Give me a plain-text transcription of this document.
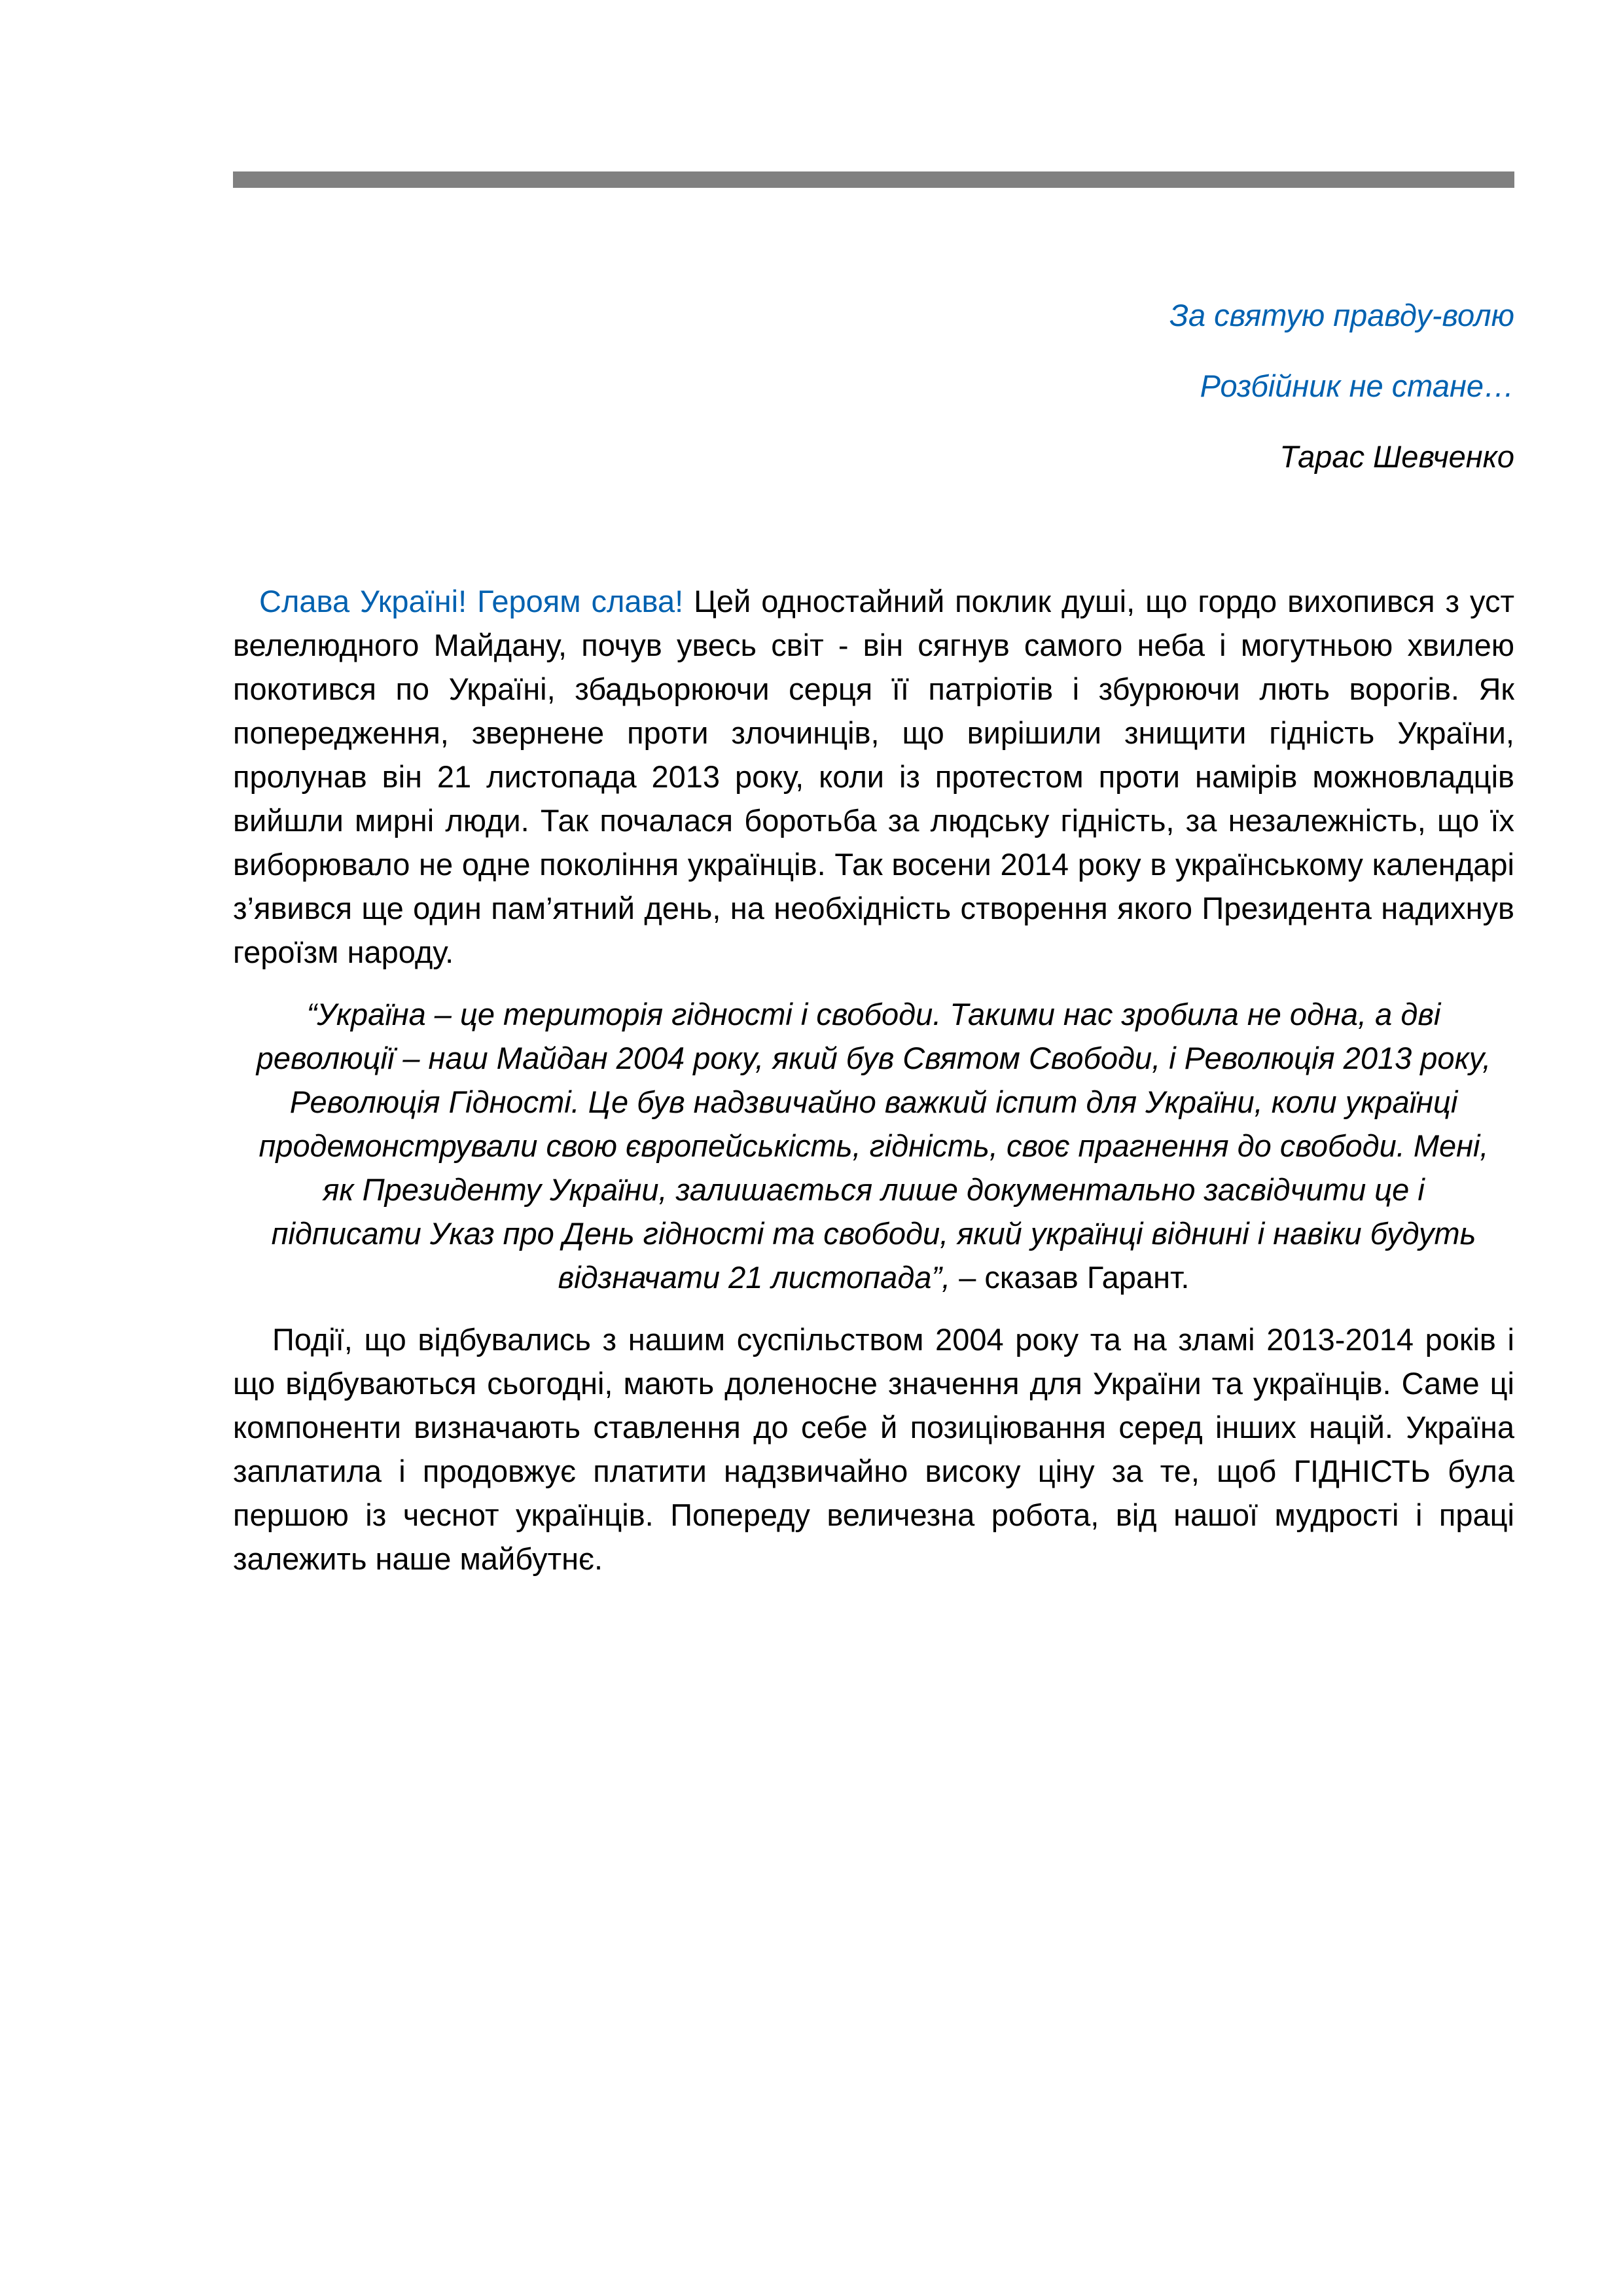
За святую правду-волю
Розбійник не стане…
Тарас Шевченко

Слава Україні! Героям слава! Цей одностайний поклик душі, що гордо вихопився з уст велелюдного Майдану, почув увесь світ - він сягнув самого неба і могутньою хвилею покотився по Україні, збадьорюючи серця її патріотів і збурюючи лють ворогів. Як попередження, звернене проти злочинців, що вирішили знищити гідність України, пролунав він 21 листопада 2013 року, коли із протестом проти намірів можновладців вийшли мирні люди. Так почалася боротьба за людську гідність, за незалежність, що їх виборювало не одне покоління українців. Так восени 2014 року в українському календарі з’явився ще один пам’ятний день, на необхідність створення якого Президента надихнув героїзм народу.

“Україна – це територія гідності і свободи. Такими нас зробила не одна, а дві революції – наш Майдан 2004 року, який був Святом Свободи, і Революція 2013 року, Революція Гідності. Це був надзвичайно важкий іспит для України, коли українці продемонстрували свою європейськість, гідність, своє прагнення до свободи. Мені, як Президенту України, залишається лише документально засвідчити це і підписати Указ про День гідності та свободи, який українці віднині і навіки будуть відзначати 21 листопада”, – сказав Гарант.

Події, що відбувались з нашим суспільством 2004 року та на зламі 2013-2014 років і що відбуваються сьогодні, мають доленосне значення для України та українців. Саме ці компоненти визначають ставлення до себе й позиціювання серед інших націй. Україна заплатила і продовжує платити надзвичайно високу ціну за те, щоб ГІДНІСТЬ була першою із чеснот українців. Попереду величезна робота, від нашої мудрості і праці залежить наше майбутнє.
